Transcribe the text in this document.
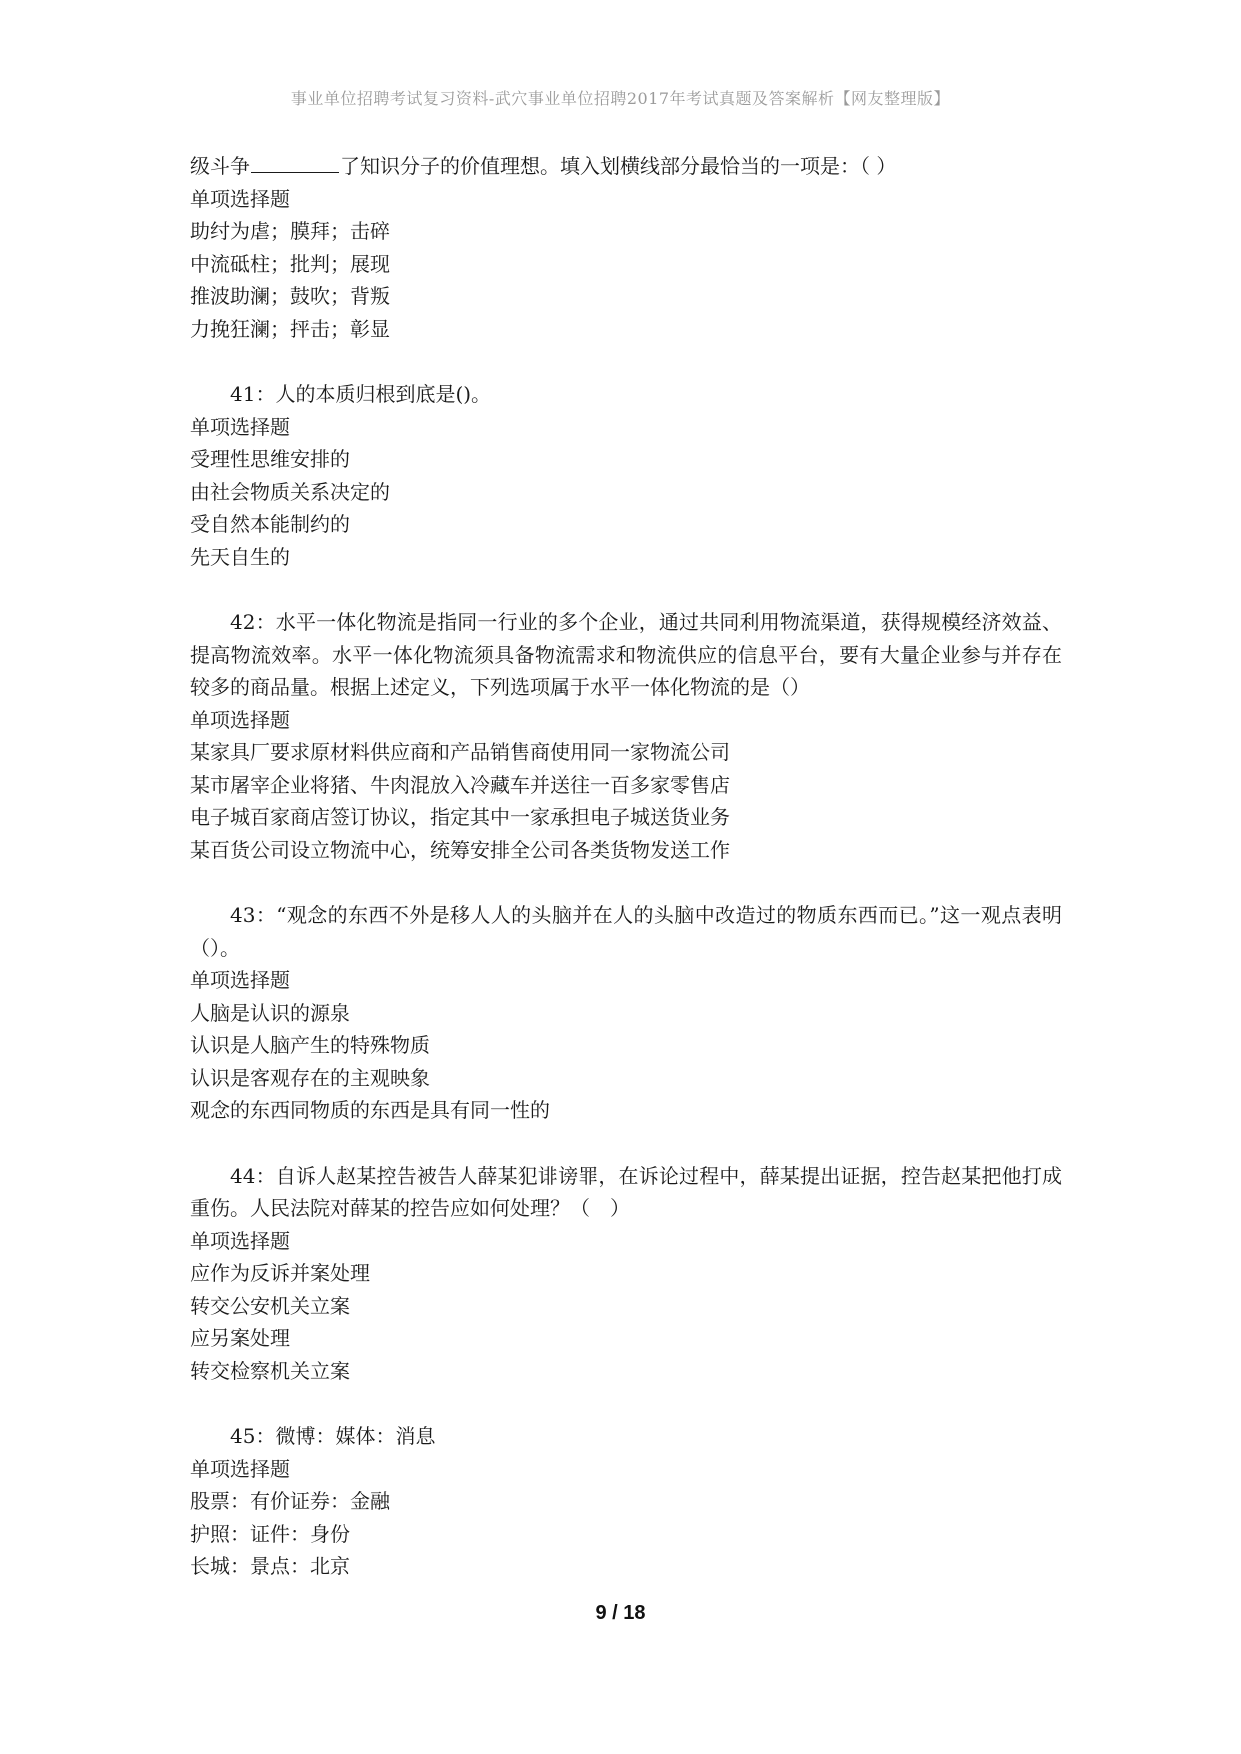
事业单位招聘考试复习资料-武穴事业单位招聘2017年考试真题及答案解析【网友整理版】
级斗争	了知识分子的价值理想。填入划横线部分最恰当的一项是：（ ）
单项选择题
助纣为虐；膜拜；击碎
中流砥柱；批判；展现
推波助澜；鼓吹；背叛
力挽狂澜；抨击；彰显
41：人的本质归根到底是()。
单项选择题
受理性思维安排的
由社会物质关系决定的
受自然本能制约的
先天自生的
42：水平一体化物流是指同一行业的多个企业，通过共同利用物流渠道，获得规模经济效益、提高物流效率。水平一体化物流须具备物流需求和物流供应的信息平台，要有大量企业参与并存在较多的商品量。根据上述定义，下列选项属于水平一体化物流的是（）
单项选择题
某家具厂要求原材料供应商和产品销售商使用同一家物流公司
某市屠宰企业将猪、牛肉混放入冷藏车并送往一百多家零售店
电子城百家商店签订协议，指定其中一家承担电子城送货业务
某百货公司设立物流中心，统筹安排全公司各类货物发送工作
43：“观念的东西不外是移人人的头脑并在人的头脑中改造过的物质东西而已。”这一观点表明（）。
单项选择题
人脑是认识的源泉
认识是人脑产生的特殊物质
认识是客观存在的主观映象
观念的东西同物质的东西是具有同一性的
44：自诉人赵某控告被告人薛某犯诽谤罪，在诉论过程中，薛某提出证据，控告赵某把他打成重伤。人民法院对薛某的控告应如何处理？（　）
单项选择题
应作为反诉并案处理
转交公安机关立案
应另案处理
转交检察机关立案
45：微博：媒体：消息
单项选择题
股票：有价证券：金融
护照：证件：身份
长城：景点：北京
9 / 18
